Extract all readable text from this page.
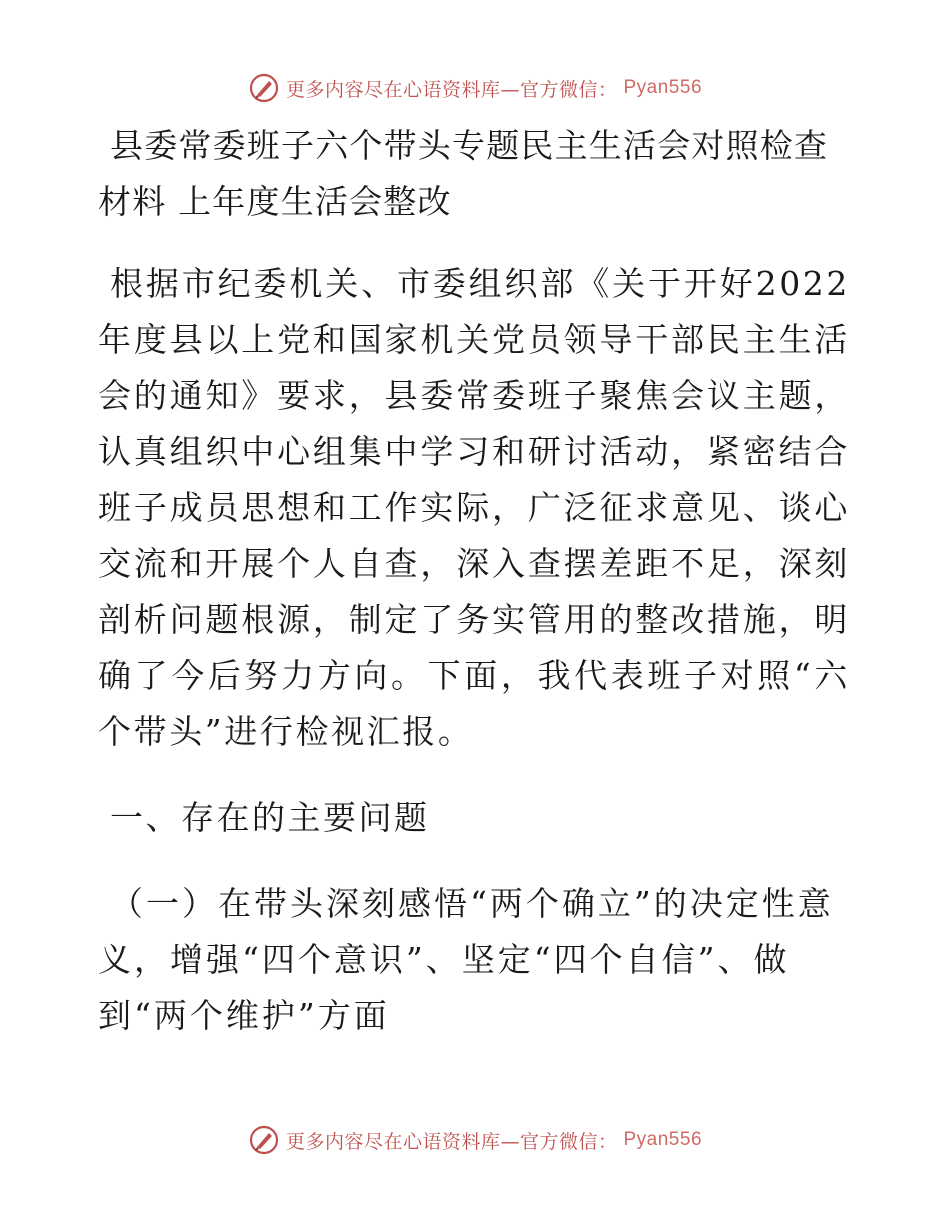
更多内容尽在心语资料库—官方微信： Pyan556
县委常委班子六个带头专题民主生活会对照检查材料 上年度生活会整改

根据市纪委机关、市委组织部《关于开好2022年度县以上党和国家机关党员领导干部民主生活会的通知》要求，县委常委班子聚焦会议主题，认真组织中心组集中学习和研讨活动，紧密结合班子成员思想和工作实际，广泛征求意见、谈心交流和开展个人自查，深入查摆差距不足，深刻剖析问题根源，制定了务实管用的整改措施，明确了今后努力方向。下面，我代表班子对照“六个带头”进行检视汇报。

一、存在的主要问题
（一）在带头深刻感悟“两个确立”的决定性意义，增强“四个意识”、坚定“四个自信”、做到“两个维护”方面
更多内容尽在心语资料库—官方微信： Pyan556
